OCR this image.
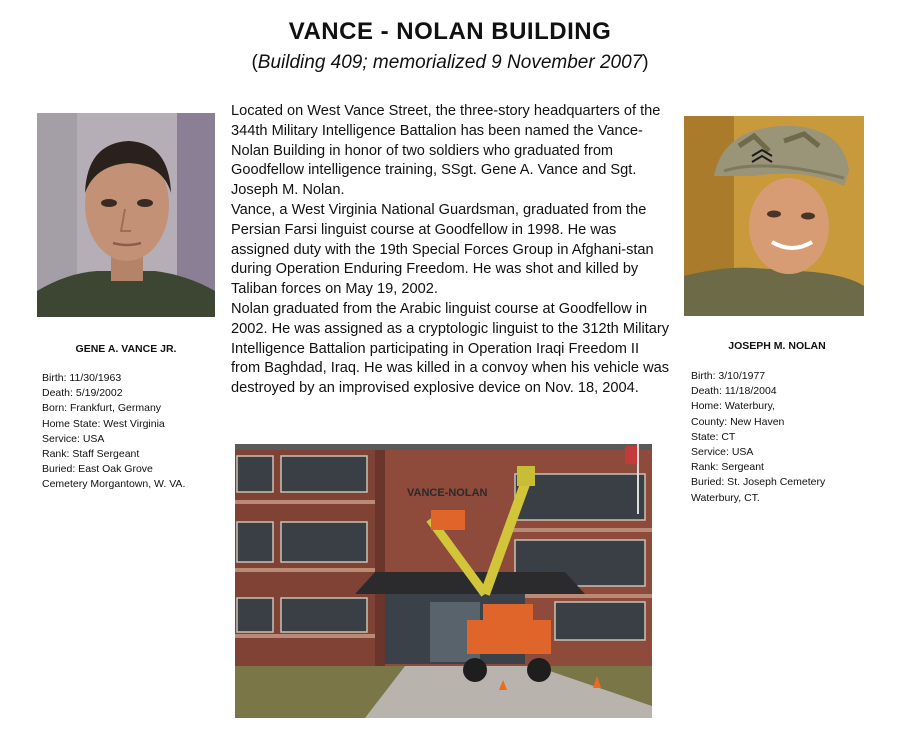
VANCE - NOLAN BUILDING
(Building 409; memorialized 9 November 2007)
GENE A. VANCE JR.
Birth: 11/30/1963
Death: 5/19/2002
Born: Frankfurt, Germany
Home State: West Virginia
Service: USA
Rank: Staff Sergeant
Buried: East Oak Grove
Cemetery Morgantown, W. VA.

Located on West Vance Street, the three-story headquarters of the 344th Military Intelligence Battalion has been named the Vance-Nolan Building in honor of two soldiers who graduated from Goodfellow intelligence training, SSgt. Gene A. Vance and Sgt. Joseph M. Nolan.

Vance, a West Virginia National Guardsman, graduated from the Persian Farsi linguist course at Goodfellow in 1998. He was assigned duty with the 19th Special Forces Group in Afghani-stan during Operation Enduring Freedom. He was shot and killed by Taliban forces on May 19, 2002.

Nolan graduated from the Arabic linguist course at Goodfellow in 2002. He was assigned as a cryptologic linguist to the 312th Military Intelligence Battalion participating in Operation Iraqi Freedom II from Baghdad, Iraq. He was killed in a convoy when his vehicle was destroyed by an improvised explosive device on Nov. 18, 2004.

JOSEPH M. NOLAN
Birth: 3/10/1977
Death: 11/18/2004
Home: Waterbury,
County: New Haven
State: CT
Service: USA
Rank: Sergeant
Buried: St. Joseph Cemetery
Waterbury, CT.
VANCE-NOLAN
